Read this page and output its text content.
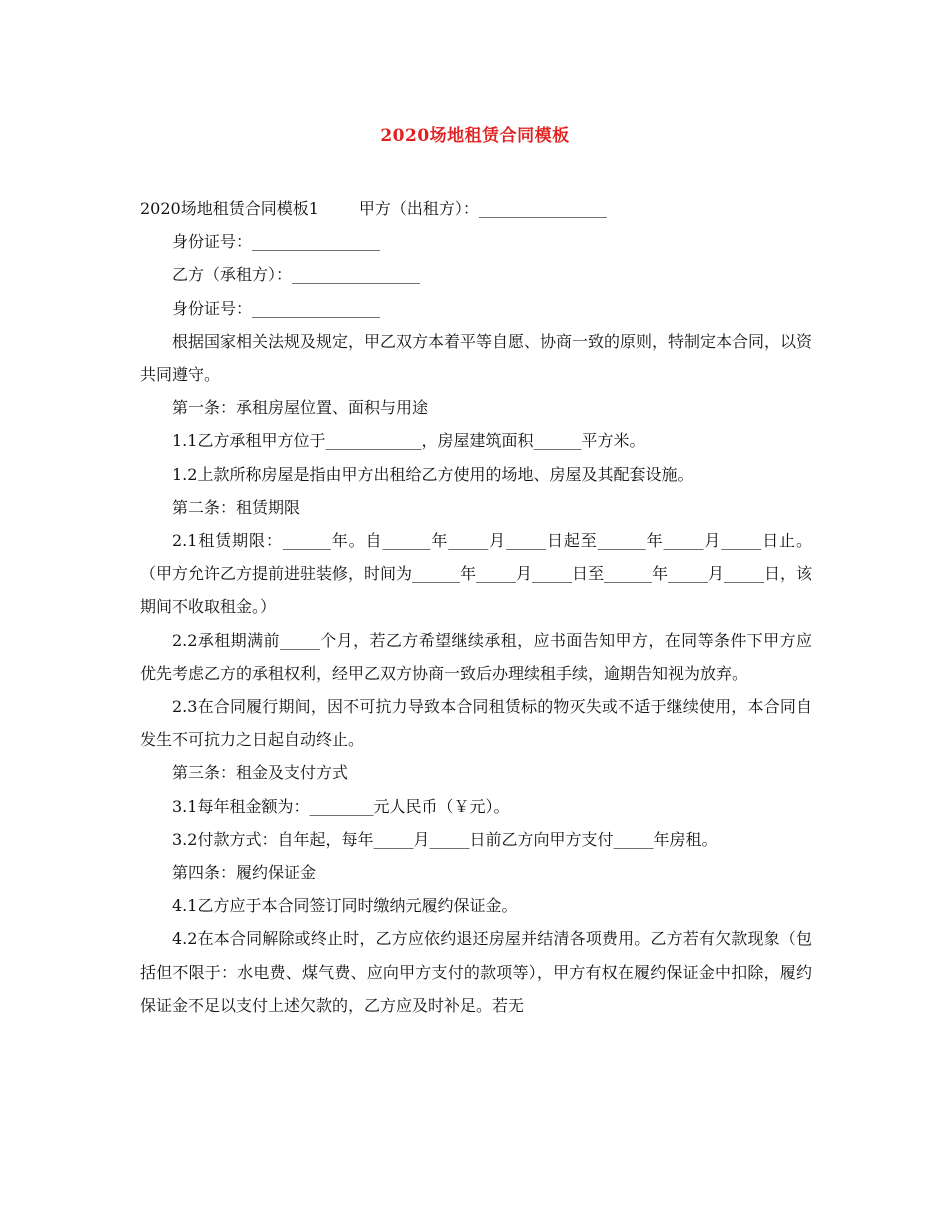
2020场地租赁合同模板

2020场地租赁合同模板1	甲方（出租方）：________________

身份证号：________________

乙方（承租方）：________________

身份证号：________________

根据国家相关法规及规定，甲乙双方本着平等自愿、协商一致的原则，特制定本合同，以资共同遵守。

第一条：承租房屋位置、面积与用途

1.1乙方承租甲方位于____________，房屋建筑面积______平方米。

1.2上款所称房屋是指由甲方出租给乙方使用的场地、房屋及其配套设施。

第二条：租赁期限

2.1租赁期限：______年。自______年_____月_____日起至______年_____月_____日止。（甲方允许乙方提前进驻装修，时间为______年_____月_____日至______年_____月_____日，该期间不收取租金。）

2.2承租期满前_____个月，若乙方希望继续承租，应书面告知甲方，在同等条件下甲方应优先考虑乙方的承租权利，经甲乙双方协商一致后办理续租手续，逾期告知视为放弃。

2.3在合同履行期间，因不可抗力导致本合同租赁标的物灭失或不适于继续使用，本合同自发生不可抗力之日起自动终止。

第三条：租金及支付方式

3.1每年租金额为：________元人民币（￥元）。

3.2付款方式：自年起，每年_____月_____日前乙方向甲方支付_____年房租。

第四条：履约保证金

4.1乙方应于本合同签订同时缴纳元履约保证金。

4.2在本合同解除或终止时，乙方应依约退还房屋并结清各项费用。乙方若有欠款现象（包括但不限于：水电费、煤气费、应向甲方支付的款项等），甲方有权在履约保证金中扣除，履约保证金不足以支付上述欠款的，乙方应及时补足。若无
